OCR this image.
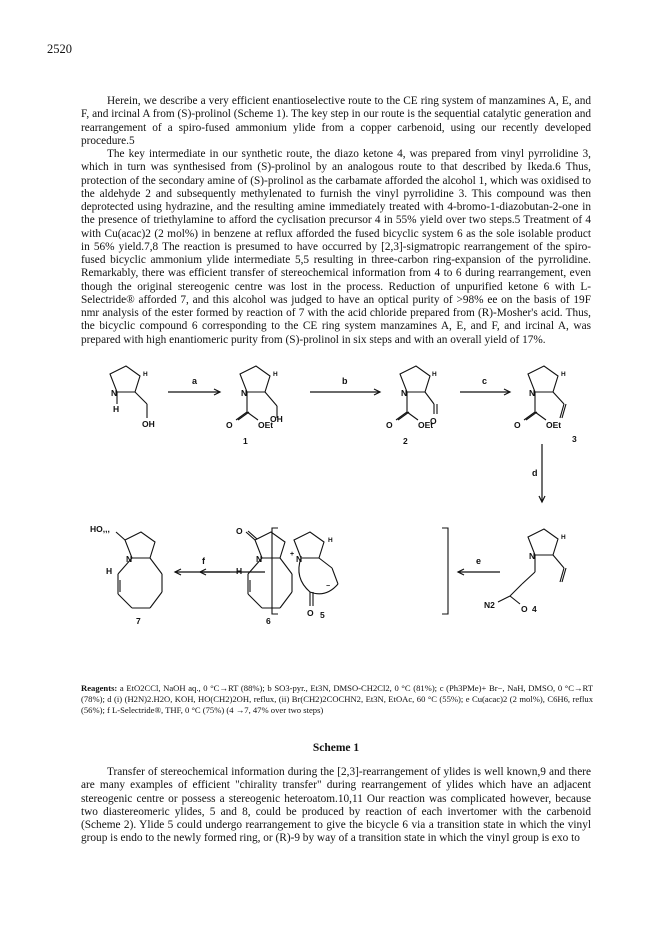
2520

Herein, we describe a very efficient enantioselective route to the CE ring system of manzamines A, E, and F, and ircinal A from (S)-prolinol (Scheme 1). The key step in our route is the sequential catalytic generation and rearrangement of a spiro-fused ammonium ylide from a copper carbenoid, using our recently developed procedure.5

The key intermediate in our synthetic route, the diazo ketone 4, was prepared from vinyl pyrrolidine 3, which in turn was synthesised from (S)-prolinol by an analogous route to that described by Ikeda.6 Thus, protection of the secondary amine of (S)-prolinol as the carbamate afforded the alcohol 1, which was oxidised to the aldehyde 2 and subsequently methylenated to furnish the vinyl pyrrolidine 3. This compound was then deprotected using hydrazine, and the resulting amine immediately treated with 4-bromo-1-diazobutan-2-one in the presence of triethylamine to afford the cyclisation precursor 4 in 55% yield over two steps.5 Treatment of 4 with Cu(acac)2 (2 mol%) in benzene at reflux afforded the fused bicyclic system 6 as the sole isolable product in 56% yield.7,8 The reaction is presumed to have occurred by [2,3]-sigmatropic rearrangement of the spiro-fused bicyclic ammonium ylide intermediate 5,5 resulting in three-carbon ring-expansion of the pyrrolidine. Remarkably, there was efficient transfer of stereochemical information from 4 to 6 during rearrangement, even though the original stereogenic centre was lost in the process. Reduction of unpurified ketone 6 with L-Selectride® afforded 7, and this alcohol was judged to have an optical purity of >98% ee on the basis of 19F nmr analysis of the ester formed by reaction of 7 with the acid chloride prepared from (R)-Mosher's acid. Thus, the bicyclic compound 6 corresponding to the CE ring system manzamines A, E, and F, and ircinal A, was prepared with high enantiomeric purity from (S)-prolinol in six steps and with an overall yield of 17%.

N
H
H
OH
N
H
OH
O	OEt
1
N
H
O
O	OEt
2
N
H
O	OEt
3
N
H
N2	O 4
N
+
−
H
O 5
O
N
H
6
HO,,,
N
H
7
a	b	c
d
e
f
Reagents: a EtO2CCl, NaOH aq., 0 °C→RT (88%); b SO3-pyr., Et3N, DMSO-CH2Cl2, 0 °C (81%); c (Ph3PMe)+ Br−, NaH, DMSO, 0 °C→RT (78%); d (i) (H2N)2.H2O, KOH, HO(CH2)2OH, reflux, (ii) Br(CH2)2COCHN2, Et3N, EtOAc, 60 °C (55%); e Cu(acac)2 (2 mol%), C6H6, reflux (56%); f L-Selectride®, THF, 0 °C (75%) (4 →7, 47% over two steps)
Scheme 1

Transfer of stereochemical information during the [2,3]-rearrangement of ylides is well known,9 and there are many examples of efficient "chirality transfer" during rearrangement of ylides which have an adjacent stereogenic centre or possess a stereogenic heteroatom.10,11 Our reaction was complicated however, because two diastereomeric ylides, 5 and 8, could be produced by reaction of each invertomer with the carbenoid (Scheme 2). Ylide 5 could undergo rearrangement to give the bicycle 6 via a transition state in which the vinyl group is endo to the newly formed ring, or (R)-9 by way of a transition state in which the vinyl group is exo to
